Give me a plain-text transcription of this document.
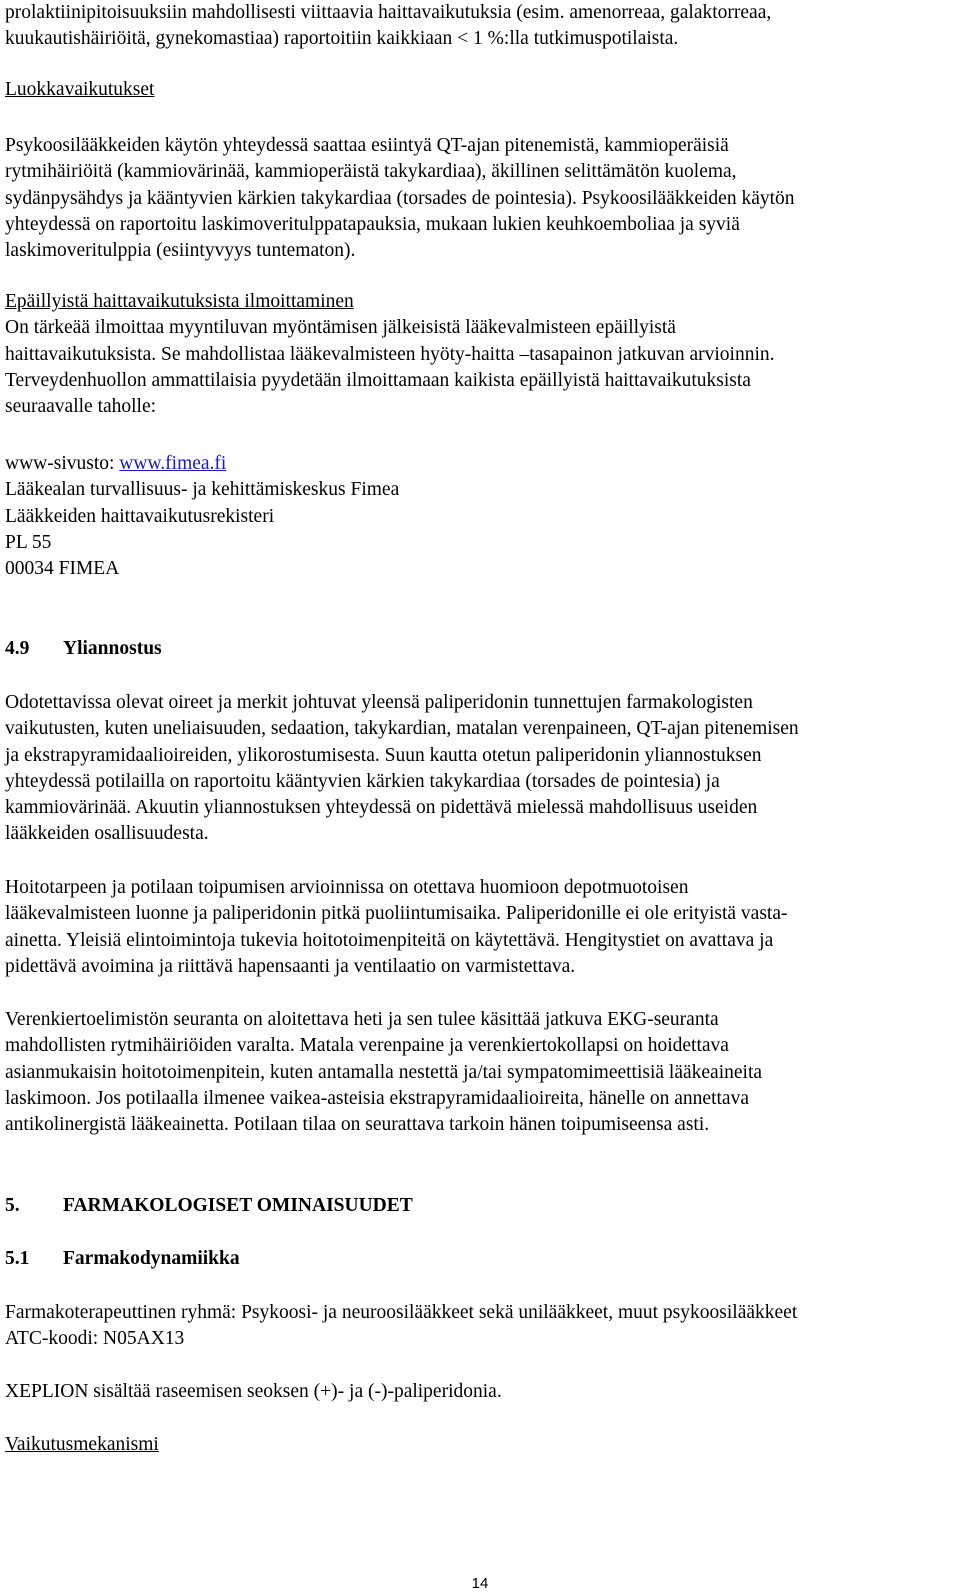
prolaktiinipitoisuuksiin mahdollisesti viittaavia haittavaikutuksia (esim. amenorreaa, galaktorreaa,
kuukautishäiriöitä, gynekomastiaa) raportoitiin kaikkiaan < 1 %:lla tutkimuspotilaista.
Luokkavaikutukset
Psykoosilääkkeiden käytön yhteydessä saattaa esiintyä QT-ajan pitenemistä, kammioperäisiä
rytmihäiriöitä (kammiovärinää, kammioperäistä takykardiaa), äkillinen selittämätön kuolema,
sydänpysähdys ja kääntyvien kärkien takykardiaa (torsades de pointesia). Psykoosilääkkeiden käytön
yhteydessä on raportoitu laskimoveritulppatapauksia, mukaan lukien keuhkoemboliaa ja syviä
laskimoveritulppia (esiintyvyys tuntematon).
Epäillyistä haittavaikutuksista ilmoittaminen
On tärkeää ilmoittaa myyntiluvan myöntämisen jälkeisistä lääkevalmisteen epäillyistä
haittavaikutuksista. Se mahdollistaa lääkevalmisteen hyöty-haitta –tasapainon jatkuvan arvioinnin.
Terveydenhuollon ammattilaisia pyydetään ilmoittamaan kaikista epäillyistä haittavaikutuksista
seuraavalle taholle:
www-sivusto: www.fimea.fi
Lääkealan turvallisuus- ja kehittämiskeskus Fimea
Lääkkeiden haittavaikutusrekisteri
PL 55
00034 FIMEA
4.9	Yliannostus
Odotettavissa olevat oireet ja merkit johtuvat yleensä paliperidonin tunnettujen farmakologisten
vaikutusten, kuten uneliaisuuden, sedaation, takykardian, matalan verenpaineen, QT-ajan pitenemisen
ja ekstrapyramidaalioireiden, ylikorostumisesta. Suun kautta otetun paliperidonin yliannostuksen
yhteydessä potilailla on raportoitu kääntyvien kärkien takykardiaa (torsades de pointesia) ja
kammiovärinää. Akuutin yliannostuksen yhteydessä on pidettävä mielessä mahdollisuus useiden
lääkkeiden osallisuudesta.
Hoitotarpeen ja potilaan toipumisen arvioinnissa on otettava huomioon depotmuotoisen
lääkevalmisteen luonne ja paliperidonin pitkä puoliintumisaika. Paliperidonille ei ole erityistä vasta-
ainetta. Yleisiä elintoimintoja tukevia hoitotoimenpiteitä on käytettävä. Hengitystiet on avattava ja
pidettävä avoimina ja riittävä hapensaanti ja ventilaatio on varmistettava.
Verenkiertoelimistön seuranta on aloitettava heti ja sen tulee käsittää jatkuva EKG-seuranta
mahdollisten rytmihäiriöiden varalta. Matala verenpaine ja verenkiertokollapsi on hoidettava
asianmukaisin hoitotoimenpitein, kuten antamalla nestettä ja/tai sympatomimeettisiä lääkeaineita
laskimoon. Jos potilaalla ilmenee vaikea-asteisia ekstrapyramidaalioireita, hänelle on annettava
antikolinergistä lääkeainetta. Potilaan tilaa on seurattava tarkoin hänen toipumiseensa asti.
5.	FARMAKOLOGISET OMINAISUUDET
5.1	Farmakodynamiikka
Farmakoterapeuttinen ryhmä: Psykoosi- ja neuroosilääkkeet sekä unilääkkeet, muut psykoosilääkkeet
ATC-koodi: N05AX13
XEPLION sisältää raseemisen seoksen (+)- ja (-)-paliperidonia.
Vaikutusmekanismi
14
